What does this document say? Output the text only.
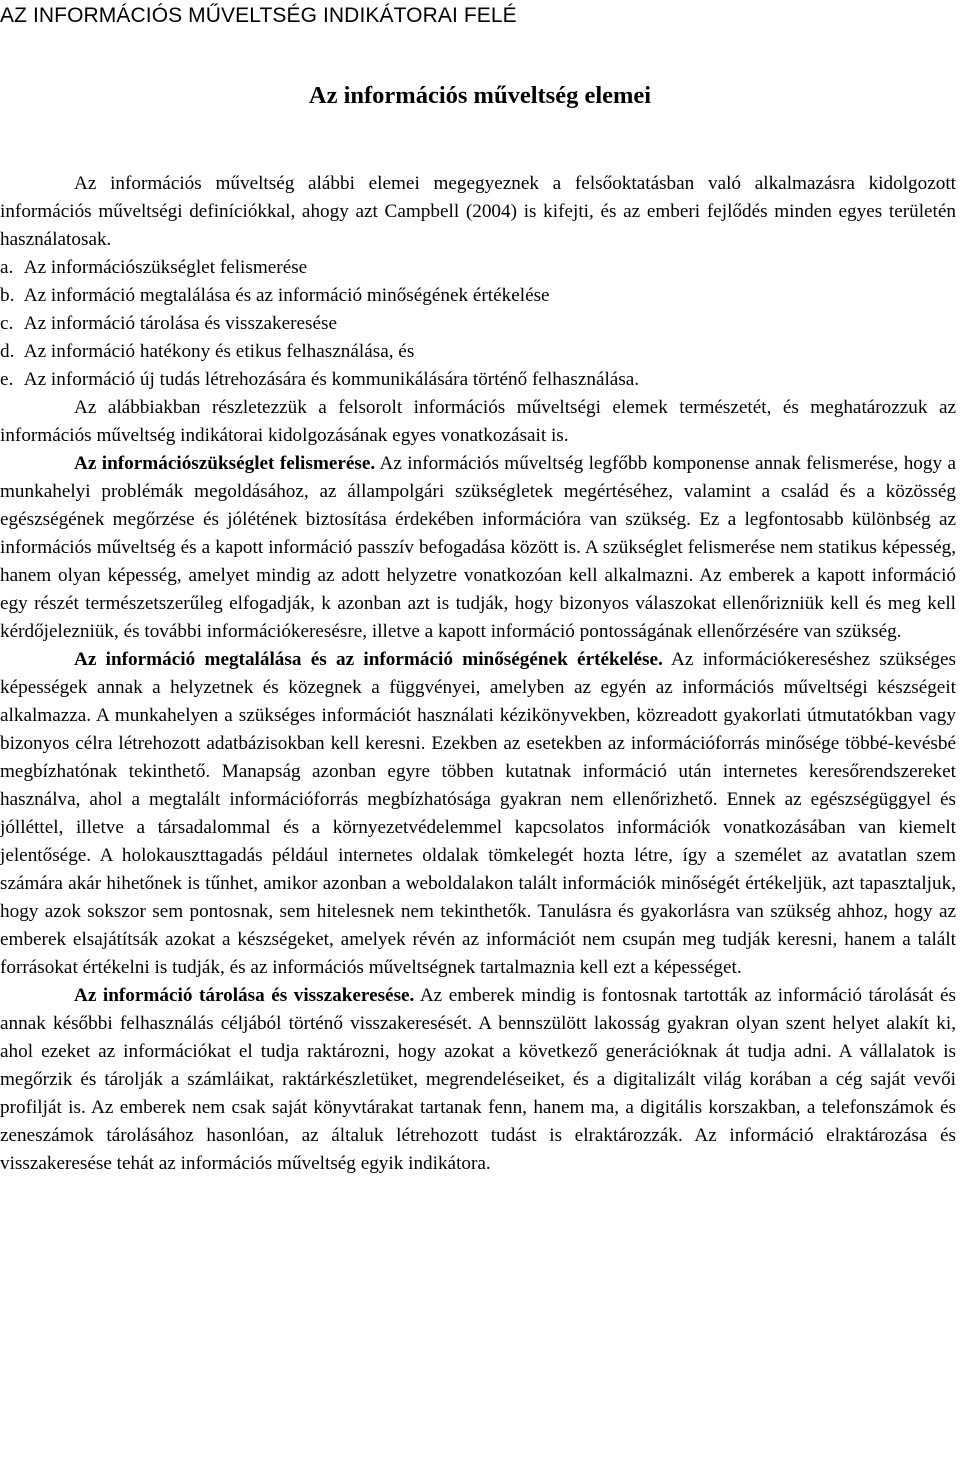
AZ INFORMÁCIÓS MŰVELTSÉG INDIKÁTORAI FELÉ
Az információs műveltség elemei

Az információs műveltség alábbi elemei megegyeznek a felsőoktatásban való alkalmazásra kidolgozott információs műveltségi definíciókkal, ahogy azt Campbell (2004) is kifejti, és az emberi fejlődés minden egyes területén használatosak.

a. Az információszükséglet felismerése
b. Az információ megtalálása és az információ minőségének értékelése
c. Az információ tárolása és visszakeresése
d. Az információ hatékony és etikus felhasználása, és
e. Az információ új tudás létrehozására és kommunikálására történő felhasználása.

Az alábbiakban részletezzük a felsorolt információs műveltségi elemek természetét, és meghatározzuk az információs műveltség indikátorai kidolgozásának egyes vonatkozásait is.

Az információszükséglet felismerése. Az információs műveltség legfőbb komponense annak felismerése, hogy a munkahelyi problémák megoldásához, az állampolgári szükségletek megértéséhez, valamint a család és a közösség egészségének megőrzése és jólétének biztosítása érdekében információra van szükség. Ez a legfontosabb különbség az információs műveltség és a kapott információ passzív befogadása között is. A szükséglet felismerése nem statikus képesség, hanem olyan képesség, amelyet mindig az adott helyzetre vonatkozóan kell alkalmazni. Az emberek a kapott információ egy részét természetszerűleg elfogadják, k azonban azt is tudják, hogy bizonyos válaszokat ellenőrizniük kell és meg kell kérdőjelezniük, és további információkeresésre, illetve a kapott információ pontosságának ellenőrzésére van szükség.

Az információ megtalálása és az információ minőségének értékelése. Az információkereséshez szükséges képességek annak a helyzetnek és közegnek a függvényei, amelyben az egyén az információs műveltségi készségeit alkalmazza. A munkahelyen a szükséges információt használati kézikönyvekben, közreadott gyakorlati útmutatókban vagy bizonyos célra létrehozott adatbázisokban kell keresni. Ezekben az esetekben az információforrás minősége többé-kevésbé megbízhatónak tekinthető. Manapság azonban egyre többen kutatnak információ után internetes keresőrendszereket használva, ahol a megtalált információforrás megbízhatósága gyakran nem ellenőrizhető. Ennek az egészségüggyel és jólléttel, illetve a társadalommal és a környezetvédelemmel kapcsolatos információk vonatkozásában van kiemelt jelentősége. A holokauszttagadás például internetes oldalak tömkelegét hozta létre, így a személet az avatatlan szem számára akár hihetőnek is tűnhet, amikor azonban a weboldalakon talált információk minőségét értékeljük, azt tapasztaljuk, hogy azok sokszor sem pontosnak, sem hitelesnek nem tekinthetők. Tanulásra és gyakorlásra van szükség ahhoz, hogy az emberek elsajátítsák azokat a készségeket, amelyek révén az információt nem csupán meg tudják keresni, hanem a talált forrásokat értékelni is tudják, és az információs műveltségnek tartalmaznia kell ezt a képességet.

Az információ tárolása és visszakeresése. Az emberek mindig is fontosnak tartották az információ tárolását és annak későbbi felhasználás céljából történő visszakeresését. A bennszülött lakosság gyakran olyan szent helyet alakít ki, ahol ezeket az információkat el tudja raktározni, hogy azokat a következő generációknak át tudja adni. A vállalatok is megőrzik és tárolják a számláikat, raktárkészletüket, megrendeléseiket, és a digitalizált világ korában a cég saját vevői profilját is. Az emberek nem csak saját könyvtárakat tartanak fenn, hanem ma, a digitális korszakban, a telefonszámok és zeneszámok tárolásához hasonlóan, az általuk létrehozott tudást is elraktározzák. Az információ elraktározása és visszakeresése tehát az információs műveltség egyik indikátora.
